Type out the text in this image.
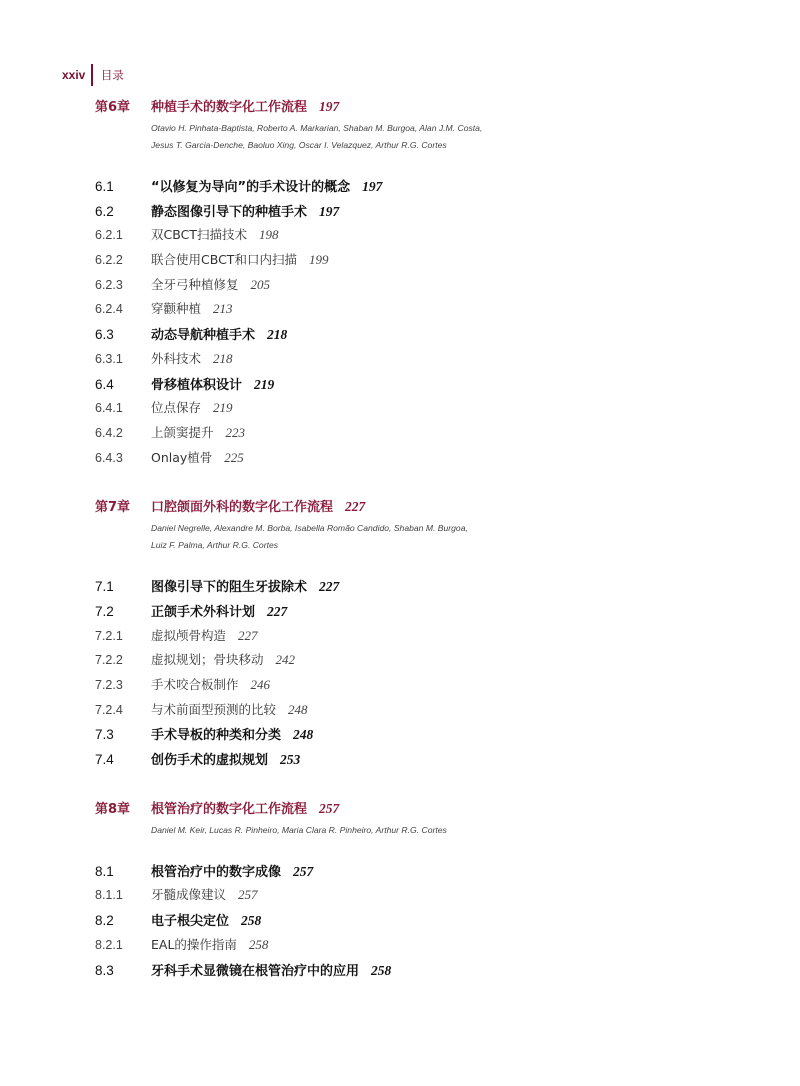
xxiv 目录
第6章	种植手术的数字化工作流程 197
Otavio H. Pinhata-Baptista, Roberto A. Markarian, Shaban M. Burgoa, Alan J.M. Costa,
Jesus T. Garcia-Denche, Baoluo Xing, Oscar I. Velazquez, Arthur R.G. Cortes
6.1	“以修复为导向”的手术设计的概念 197
6.2	静态图像引导下的种植手术 197
6.2.1	双CBCT扫描技术 198
6.2.2	联合使用CBCT和口内扫描 199
6.2.3	全牙弓种植修复 205
6.2.4	穿颧种植 213
6.3	动态导航种植手术 218
6.3.1	外科技术 218
6.4	骨移植体积设计 219
6.4.1	位点保存 219
6.4.2	上颌窦提升 223
6.4.3	Onlay植骨 225
第7章	口腔颌面外科的数字化工作流程 227
Daniel Negrelle, Alexandre M. Borba, Isabella Romão Candido, Shaban M. Burgoa,
Luiz F. Palma, Arthur R.G. Cortes
7.1	图像引导下的阻生牙拔除术 227
7.2	正颌手术外科计划 227
7.2.1	虚拟颅骨构造 227
7.2.2	虚拟规划；骨块移动 242
7.2.3	手术咬合板制作 246
7.2.4	与术前面型预测的比较 248
7.3	手术导板的种类和分类 248
7.4	创伤手术的虚拟规划 253
第8章	根管治疗的数字化工作流程 257
Daniel M. Keir, Lucas R. Pinheiro, Maria Clara R. Pinheiro, Arthur R.G. Cortes
8.1	根管治疗中的数字成像 257
8.1.1	牙髓成像建议 257
8.2	电子根尖定位 258
8.2.1	EAL的操作指南 258
8.3	牙科手术显微镜在根管治疗中的应用 258
